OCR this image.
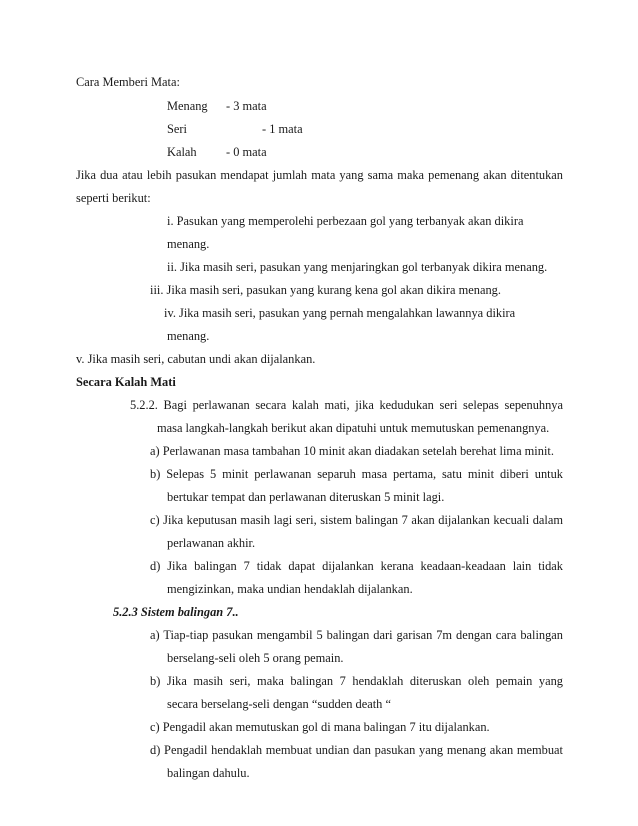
Cara Memberi Mata:
Menang - 3 mata
Seri	- 1 mata
Kalah - 0 mata
Jika dua atau lebih pasukan mendapat jumlah mata yang sama maka pemenang akan ditentukan
seperti berikut:
i. Pasukan yang memperolehi perbezaan gol yang terbanyak akan dikira
menang.
ii. Jika masih seri, pasukan yang menjaringkan gol terbanyak dikira menang.
iii. Jika masih seri, pasukan yang kurang kena gol akan dikira menang.
iv. Jika masih seri, pasukan yang pernah mengalahkan lawannya dikira
menang.
v. Jika masih seri, cabutan undi akan dijalankan.
Secara Kalah Mati
5.2.2. Bagi perlawanan secara kalah mati, jika kedudukan seri selepas sepenuhnya
masa langkah-langkah berikut akan dipatuhi untuk memutuskan pemenangnya.
a) Perlawanan masa tambahan 10 minit akan diadakan setelah berehat lima minit.
b) Selepas 5 minit perlawanan separuh masa pertama, satu minit diberi untuk
bertukar tempat dan perlawanan diteruskan 5 minit lagi.
c) Jika keputusan masih lagi seri, sistem balingan 7 akan dijalankan kecuali dalam
perlawanan akhir.
d) Jika balingan 7 tidak dapat dijalankan kerana keadaan-keadaan lain tidak
mengizinkan, maka undian hendaklah dijalankan.
5.2.3 Sistem balingan 7..
a) Tiap-tiap pasukan mengambil 5 balingan dari garisan 7m dengan cara balingan
berselang-seli oleh 5 orang pemain.
b) Jika masih seri, maka balingan 7 hendaklah diteruskan oleh pemain yang
secara berselang-seli dengan “sudden death “
c) Pengadil akan memutuskan gol di mana balingan 7 itu dijalankan.
d) Pengadil hendaklah membuat undian dan pasukan yang menang akan membuat
balingan dahulu.
